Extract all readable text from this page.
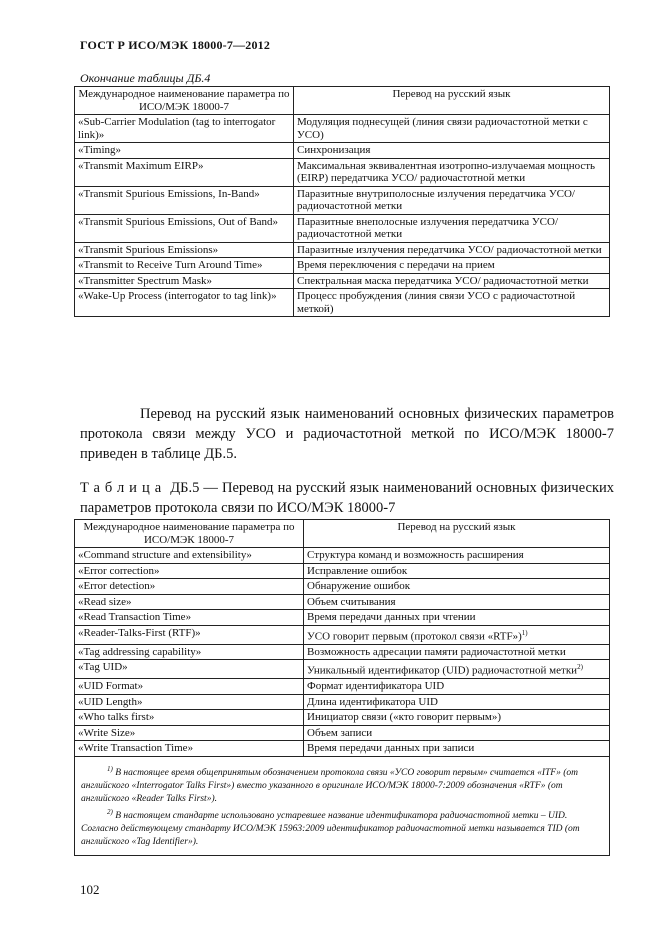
ГОСТ Р ИСО/МЭК 18000-7—2012
Окончание таблицы ДБ.4
Международное наименование параметра по ИСО/МЭК 18000-7	Перевод на русский язык
«Sub-Carrier Modulation (tag to interrogator link)»	Модуляция поднесущей (линия связи радиочастотной метки с УСО)
«Timing»	Синхронизация
«Transmit Maximum EIRP»	Максимальная эквивалентная изотропно-излучаемая мощность (EIRP) передатчика УСО/ радиочастотной метки
«Transmit Spurious Emissions, In-Band»	Паразитные внутриполосные излучения передатчика УСО/ радиочастотной метки
«Transmit Spurious Emissions, Out of Band»	Паразитные внеполосные излучения передатчика УСО/радиочастотной метки
«Transmit Spurious Emissions»	Паразитные излучения передатчика УСО/ радиочастотной метки
«Transmit to Receive Turn Around Time»	Время переключения с передачи на прием
«Transmitter Spectrum Mask»	Спектральная маска передатчика УСО/ радиочастотной метки
«Wake-Up Process (interrogator to tag link)»	Процесс пробуждения (линия связи УСО с радиочастотной меткой)
Перевод на русский язык наименований основных физических параметров протокола связи между УСО и радиочастотной меткой по ИСО/МЭК 18000-7 приведен в таблице ДБ.5.
Таблица ДБ.5 — Перевод на русский язык наименований основных физических параметров протокола связи по ИСО/МЭК 18000-7
Международное наименование параметра по ИСО/МЭК 18000-7	Перевод на русский язык
«Command structure and extensibility»	Структура команд и возможность расширения
«Error correction»	Исправление ошибок
«Error detection»	Обнаружение ошибок
«Read size»	Объем считывания
«Read Transaction Time»	Время передачи данных при чтении
«Reader-Talks-First (RTF)»	УСО говорит первым (протокол связи «RTF»)$^{1)}$
«Tag addressing capability»	Возможность адресации памяти радиочастотной метки
«Tag UID»	Уникальный идентификатор (UID) радиочастотной метки$^{2)}$
«UID Format»	Формат идентификатора UID
«UID Length»	Длина идентификатора UID
«Who talks first»	Инициатор связи («кто говорит первым»)
«Write Size»	Объем записи
«Write Transaction Time»	Время передачи данных при записи

$^{1)}$ В настоящее время общепринятым обозначением протокола связи «УСО говорит первым» считается «ITF» (от английского «Interrogator Talks First») вместо указанного в оригинале ИСО/МЭК 18000-7:2009 обозначения «RTF» (от английского «Reader Talks First»).

$^{2)}$ В настоящем стандарте использовано устаревшее название идентификатора радиочастотной метки – UID. Согласно действующему стандарту ИСО/МЭК 15963:2009 идентификатор радиочастотной метки называется TID (от английского «Tag Identifier»).	

102
